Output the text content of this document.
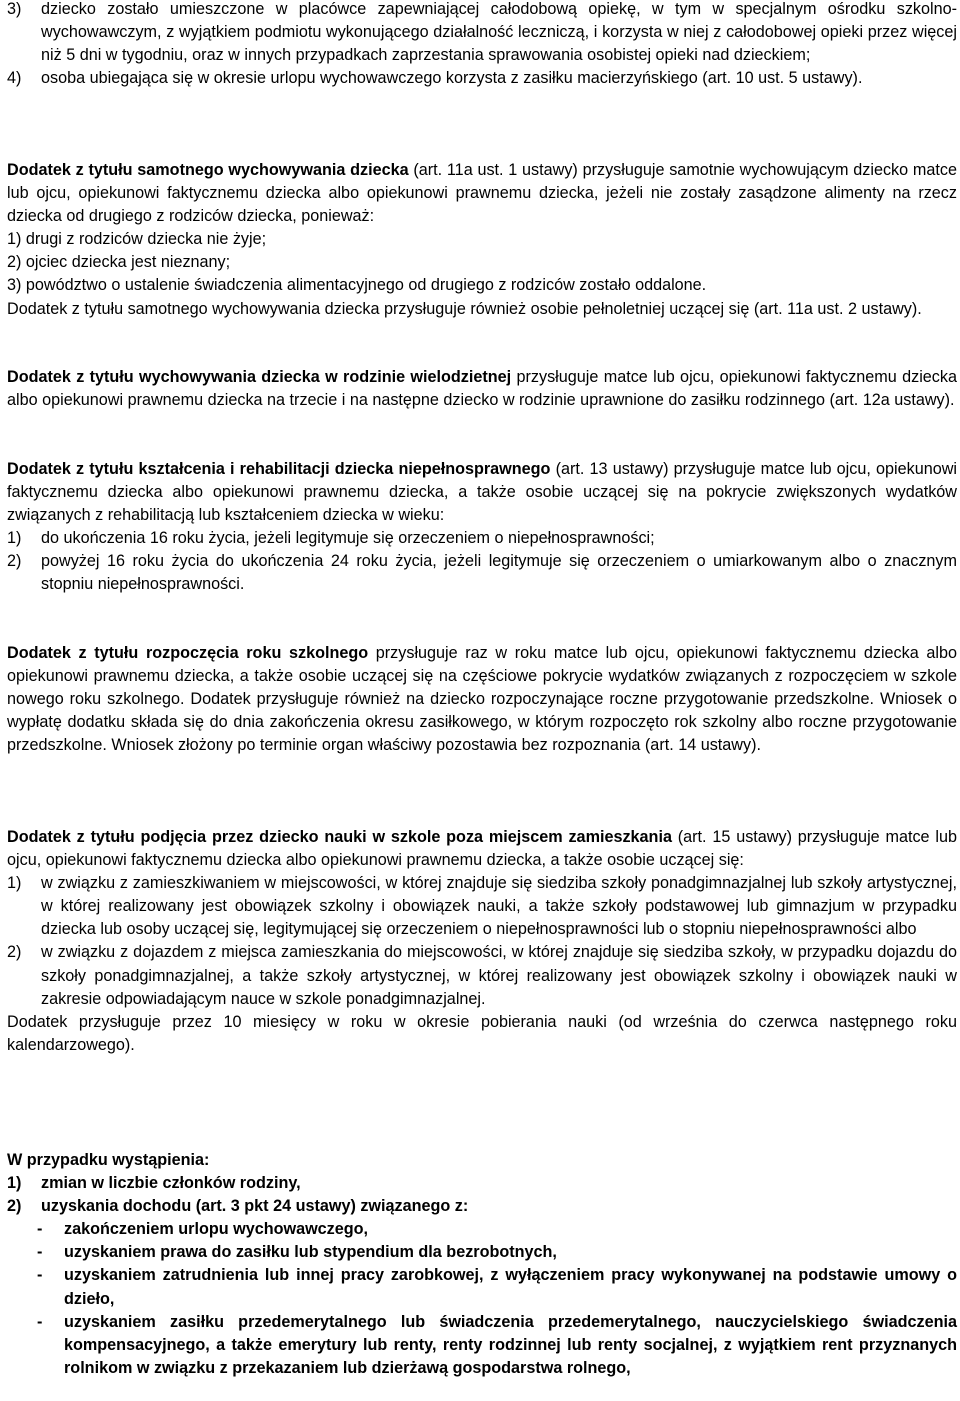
3) dziecko zostało umieszczone w placówce zapewniającej całodobową opiekę, w tym w specjalnym ośrodku szkolno-wychowawczym, z wyjątkiem podmiotu wykonującego działalność leczniczą, i korzysta w niej z całodobowej opieki przez więcej niż 5 dni w tygodniu, oraz w innych przypadkach zaprzestania sprawowania osobistej opieki nad dzieckiem;
4) osoba ubiegająca się w okresie urlopu wychowawczego korzysta z zasiłku macierzyńskiego (art. 10 ust. 5 ustawy).

Dodatek z tytułu samotnego wychowywania dziecka (art. 11a ust. 1 ustawy) przysługuje samotnie wychowującym dziecko matce lub ojcu, opiekunowi faktycznemu dziecka albo opiekunowi prawnemu dziecka, jeżeli nie zostały zasądzone alimenty na rzecz dziecka od drugiego z rodziców dziecka, ponieważ:

1) drugi z rodziców dziecka nie żyje;

2) ojciec dziecka jest nieznany;

3) powództwo o ustalenie świadczenia alimentacyjnego od drugiego z rodziców zostało oddalone.

Dodatek z tytułu samotnego wychowywania dziecka przysługuje również osobie pełnoletniej uczącej się (art. 11a ust. 2 ustawy).

Dodatek z tytułu wychowywania dziecka w rodzinie wielodzietnej przysługuje matce lub ojcu, opiekunowi faktycznemu dziecka albo opiekunowi prawnemu dziecka na trzecie i na następne dziecko w rodzinie uprawnione do zasiłku rodzinnego (art. 12a ustawy).

Dodatek z tytułu kształcenia i rehabilitacji dziecka niepełnosprawnego (art. 13 ustawy) przysługuje matce lub ojcu, opiekunowi faktycznemu dziecka albo opiekunowi prawnemu dziecka, a także osobie uczącej się na pokrycie zwiększonych wydatków związanych z rehabilitacją lub kształceniem dziecka w wieku:

1) do ukończenia 16 roku życia, jeżeli legitymuje się orzeczeniem o niepełnosprawności;
2) powyżej 16 roku życia do ukończenia 24 roku życia, jeżeli legitymuje się orzeczeniem o umiarkowanym albo o znacznym stopniu niepełnosprawności.

Dodatek z tytułu rozpoczęcia roku szkolnego przysługuje raz w roku matce lub ojcu, opiekunowi faktycznemu dziecka albo opiekunowi prawnemu dziecka, a także osobie uczącej się na częściowe pokrycie wydatków związanych z rozpoczęciem w szkole nowego roku szkolnego. Dodatek przysługuje również na dziecko rozpoczynające roczne przygotowanie przedszkolne. Wniosek o wypłatę dodatku składa się do dnia zakończenia okresu zasiłkowego, w którym rozpoczęto rok szkolny albo roczne przygotowanie przedszkolne. Wniosek złożony po terminie organ właściwy pozostawia bez rozpoznania (art. 14 ustawy).

Dodatek z tytułu podjęcia przez dziecko nauki w szkole poza miejscem zamieszkania (art. 15 ustawy) przysługuje matce lub ojcu, opiekunowi faktycznemu dziecka albo opiekunowi prawnemu dziecka, a także osobie uczącej się:

1) w związku z zamieszkiwaniem w miejscowości, w której znajduje się siedziba szkoły ponadgimnazjalnej lub szkoły artystycznej, w której realizowany jest obowiązek szkolny i obowiązek nauki, a także szkoły podstawowej lub gimnazjum w przypadku dziecka lub osoby uczącej się, legitymującej się orzeczeniem o niepełnosprawności lub o stopniu niepełnosprawności albo
2) w związku z dojazdem z miejsca zamieszkania do miejscowości, w której znajduje się siedziba szkoły, w przypadku dojazdu do szkoły ponadgimnazjalnej, a także szkoły artystycznej, w której realizowany jest obowiązek szkolny i obowiązek nauki w zakresie odpowiadającym nauce w szkole ponadgimnazjalnej.

Dodatek przysługuje przez 10 miesięcy w roku w okresie pobierania nauki (od września do czerwca następnego roku kalendarzowego).

W przypadku wystąpienia:

1) zmian w liczbie członków rodziny,
2) uzyskania dochodu (art. 3 pkt 24 ustawy) związanego z:
- zakończeniem urlopu wychowawczego,
- uzyskaniem prawa do zasiłku lub stypendium dla bezrobotnych,
- uzyskaniem zatrudnienia lub innej pracy zarobkowej, z wyłączeniem pracy wykonywanej na podstawie umowy o dzieło,
- uzyskaniem zasiłku przedemerytalnego lub świadczenia przedemerytalnego, nauczycielskiego świadczenia kompensacyjnego, a także emerytury lub renty, renty rodzinnej lub renty socjalnej, z wyjątkiem rent przyznanych rolnikom w związku z przekazaniem lub dzierżawą gospodarstwa rolnego,
